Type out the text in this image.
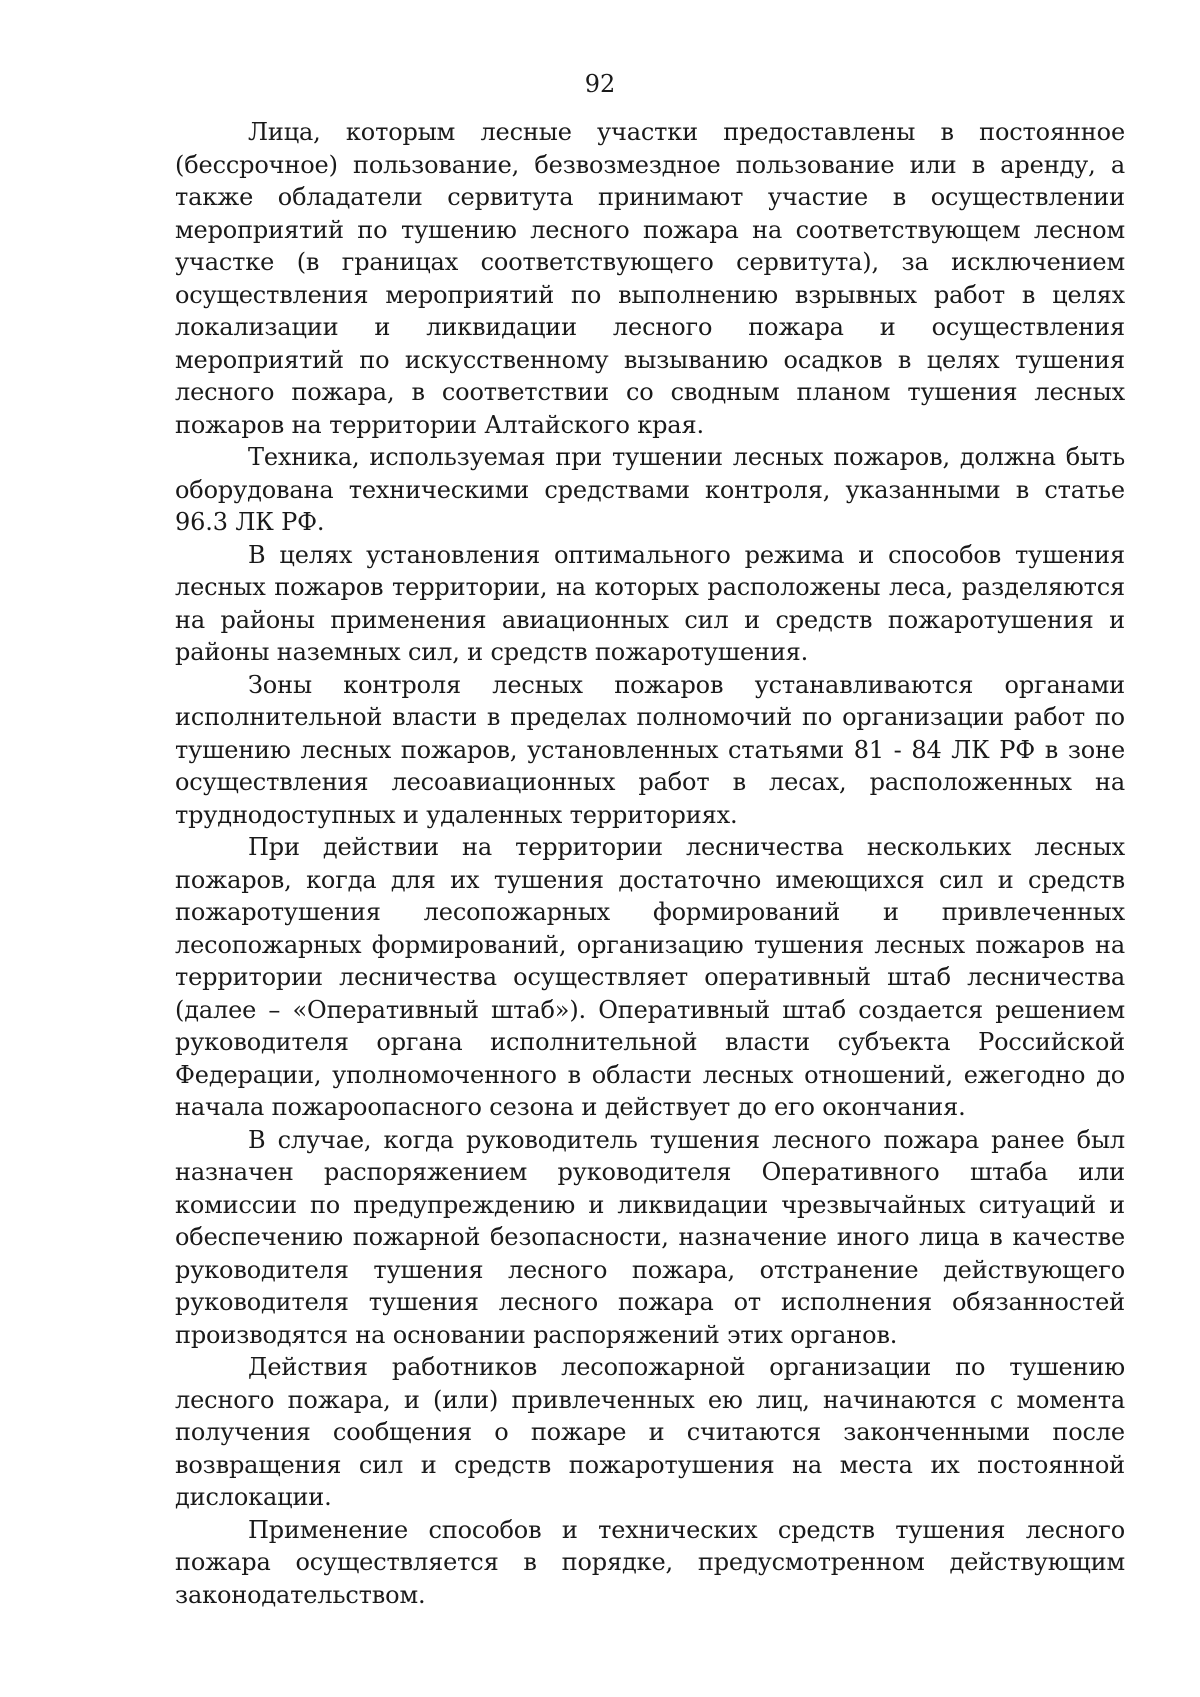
92

Лица, которым лесные участки предоставлены в постоянное (бессрочное) пользование, безвозмездное пользование или в аренду, а также обладатели сервитута принимают участие в осуществлении мероприятий по тушению лесного пожара на соответствующем лесном участке (в границах соответствующего сервитута), за исключением осуществления мероприятий по выполнению взрывных работ в целях локализации и ликвидации лесного пожара и осуществления мероприятий по искусственному вызыванию осадков в целях тушения лесного пожара, в соответствии со сводным планом тушения лесных пожаров на территории Алтайского края.

Техника, используемая при тушении лесных пожаров, должна быть оборудована техническими средствами контроля, указанными в статье 96.3 ЛК РФ.

В целях установления оптимального режима и способов тушения лесных пожаров территории, на которых расположены леса, разделяются на районы применения авиационных сил и средств пожаротушения и районы наземных сил, и средств пожаротушения.

Зоны контроля лесных пожаров устанавливаются органами исполнительной власти в пределах полномочий по организации работ по тушению лесных пожаров, установленных статьями 81 - 84 ЛК РФ в зоне осуществления лесоавиационных работ в лесах, расположенных на труднодоступных и удаленных территориях.

При действии на территории лесничества нескольких лесных пожаров, когда для их тушения достаточно имеющихся сил и средств пожаротушения лесопожарных формирований и привлеченных лесопожарных формирований, организацию тушения лесных пожаров на территории лесничества осуществляет оперативный штаб лесничества (далее – «Оперативный штаб»). Оперативный штаб создается решением руководителя органа исполнительной власти субъекта Российской Федерации, уполномоченного в области лесных отношений, ежегодно до начала пожароопасного сезона и действует до его окончания.

В случае, когда руководитель тушения лесного пожара ранее был назначен распоряжением руководителя Оперативного штаба или комиссии по предупреждению и ликвидации чрезвычайных ситуаций и обеспечению пожарной безопасности, назначение иного лица в качестве руководителя тушения лесного пожара, отстранение действующего руководителя тушения лесного пожара от исполнения обязанностей производятся на основании распоряжений этих органов.

Действия работников лесопожарной организации по тушению лесного пожара, и (или) привлеченных ею лиц, начинаются с момента получения сообщения о пожаре и считаются законченными после возвращения сил и средств пожаротушения на места их постоянной дислокации.

Применение способов и технических средств тушения лесного пожара осуществляется в порядке, предусмотренном действующим законодательством.
